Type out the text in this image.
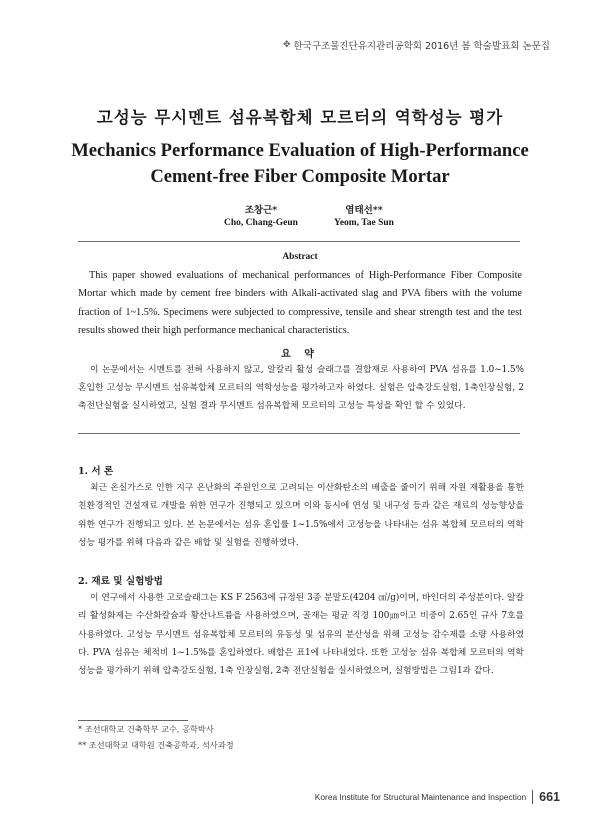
✥ 한국구조물진단유지관리공학회 2016년 봄 학술발표회 논문집
고성능 무시멘트 섬유복합체 모르터의 역학성능 평가
Mechanics Performance Evaluation of High-Performance
Cement-free Fiber Composite Mortar
조창근*
Cho, Chang-Geun
염태선**
Yeom, Tae Sun
Abstract

This paper showed evaluations of mechanical performances of High-Performance Fiber Composite Mortar which made by cement free binders with Alkali-activated slag and PVA fibers with the volume fraction of 1~1.5%. Specimens were subjected to compressive, tensile and shear strength test and the test results showed their high performance mechanical characteristics.

요 약

이 논문에서는 시멘트를 전혀 사용하지 않고, 알칼리 활성 슬래그를 결합재로 사용하여 PVA 섬유를 1.0~1.5% 혼입한 고성능 무시멘트 섬유복합체 모르터의 역학성능을 평가하고자 하였다. 실험은 압축강도실험, 1축인장실험, 2축전단실험을 실시하였고, 실험 결과 무시멘트 섬유복합체 모르터의 고성능 특성을 확인 할 수 있었다.

1. 서 론

최근 온실가스로 인한 지구 온난화의 주원인으로 고려되는 이산화탄소의 배출을 줄이기 위해 자원 재활용을 통한 친환경적인 건설재료 개발을 위한 연구가 진행되고 있으며 이와 동시에 연성 및 내구성 등과 같은 재료의 성능향상을 위한 연구가 진행되고 있다. 본 논문에서는 섬유 혼입률 1~1.5%에서 고성능을 나타내는 섬유 복합체 모르터의 역학성능 평가를 위해 다음과 같은 배합 및 실험을 진행하였다.

2. 재료 및 실험방법

이 연구에서 사용한 고로슬래그는 KS F 2563에 규정된 3종 분말도(4204 ㎠/g)이며, 바인더의 주성분이다. 알칼리 활성화제는 수산화칼슘과 황산나트륨을 사용하였으며, 골재는 평균 직경 100㎛이고 비중이 2.65인 규사 7호를 사용하였다. 고성능 무시멘트 섬유복합체 모르터의 유동성 및 섬유의 분산성을 위해 고성능 감수제를 소량 사용하였다. PVA 섬유는 체적비 1~1.5%를 혼입하였다. 배합은 표1에 나타내었다. 또한 고성능 섬유 복합체 모르터의 역학성능을 평가하기 위해 압축강도실험, 1축 인장실험, 2축 전단실험을 실시하였으며, 실험방법은 그림1과 같다.

* 조선대학교 건축학부 교수, 공학박사
** 조선대학교 대학원 건축공학과, 석사과정
Korea Institute for Structural Maintenance and Inspection 661
